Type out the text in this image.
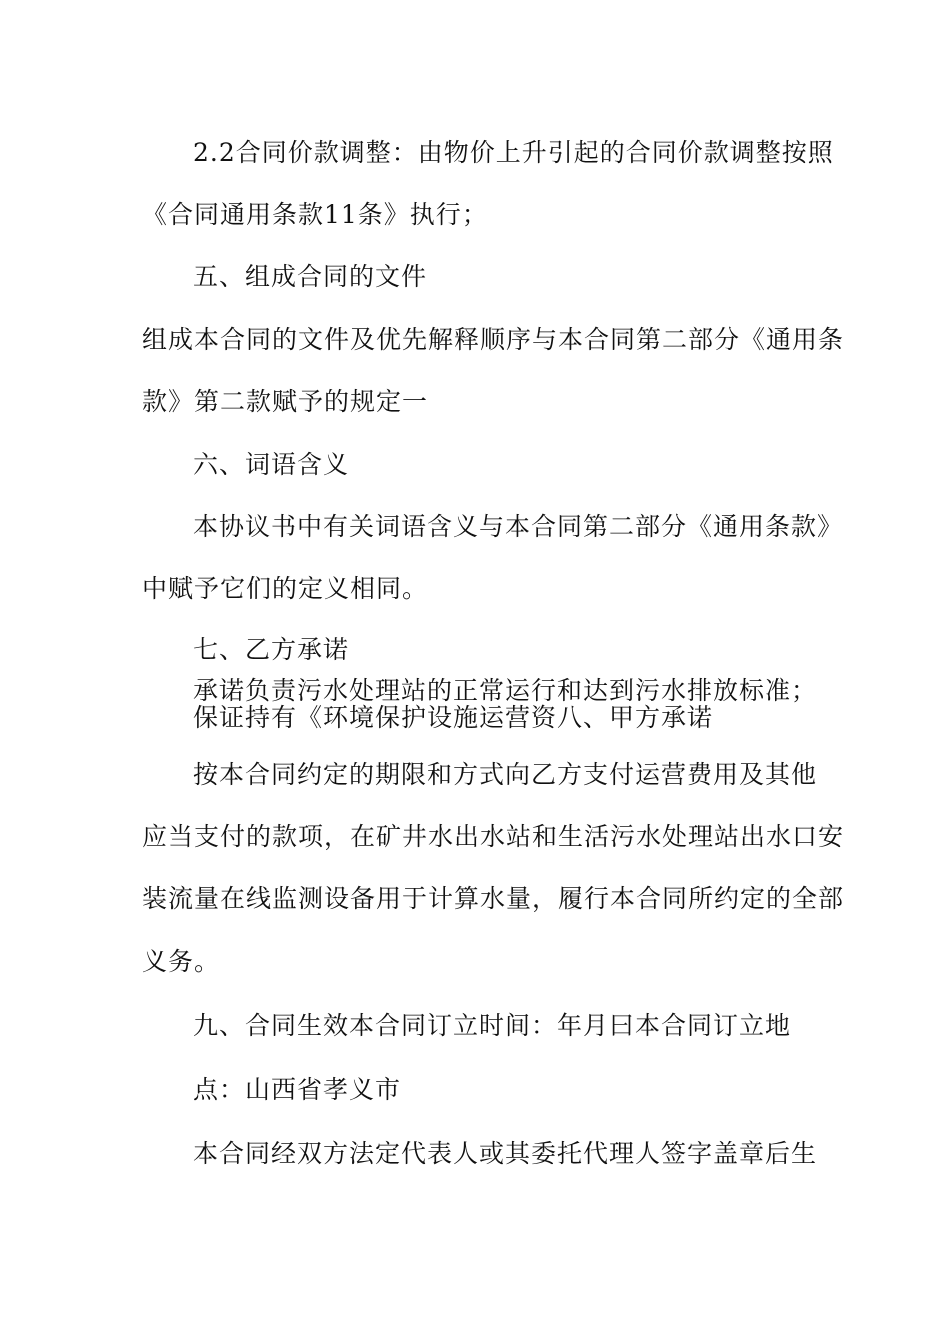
2.2合同价款调整：由物价上升引起的合同价款调整按照
《合同通用条款11条》执行；
五、组成合同的文件
组成本合同的文件及优先解释顺序与本合同第二部分《通用条
款》第二款赋予的规定一
六、词语含义
本协议书中有关词语含义与本合同第二部分《通用条款》
中赋予它们的定义相同。
七、乙方承诺
承诺负责污水处理站的正常运行和达到污水排放标准；
保证持有《环境保护设施运营资八、甲方承诺
按本合同约定的期限和方式向乙方支付运营费用及其他
应当支付的款项，在矿井水出水站和生活污水处理站出水口安
装流量在线监测设备用于计算水量，履行本合同所约定的全部
义务。
九、合同生效本合同订立时间：年月曰本合同订立地
点：山西省孝义市
本合同经双方法定代表人或其委托代理人签字盖章后生
